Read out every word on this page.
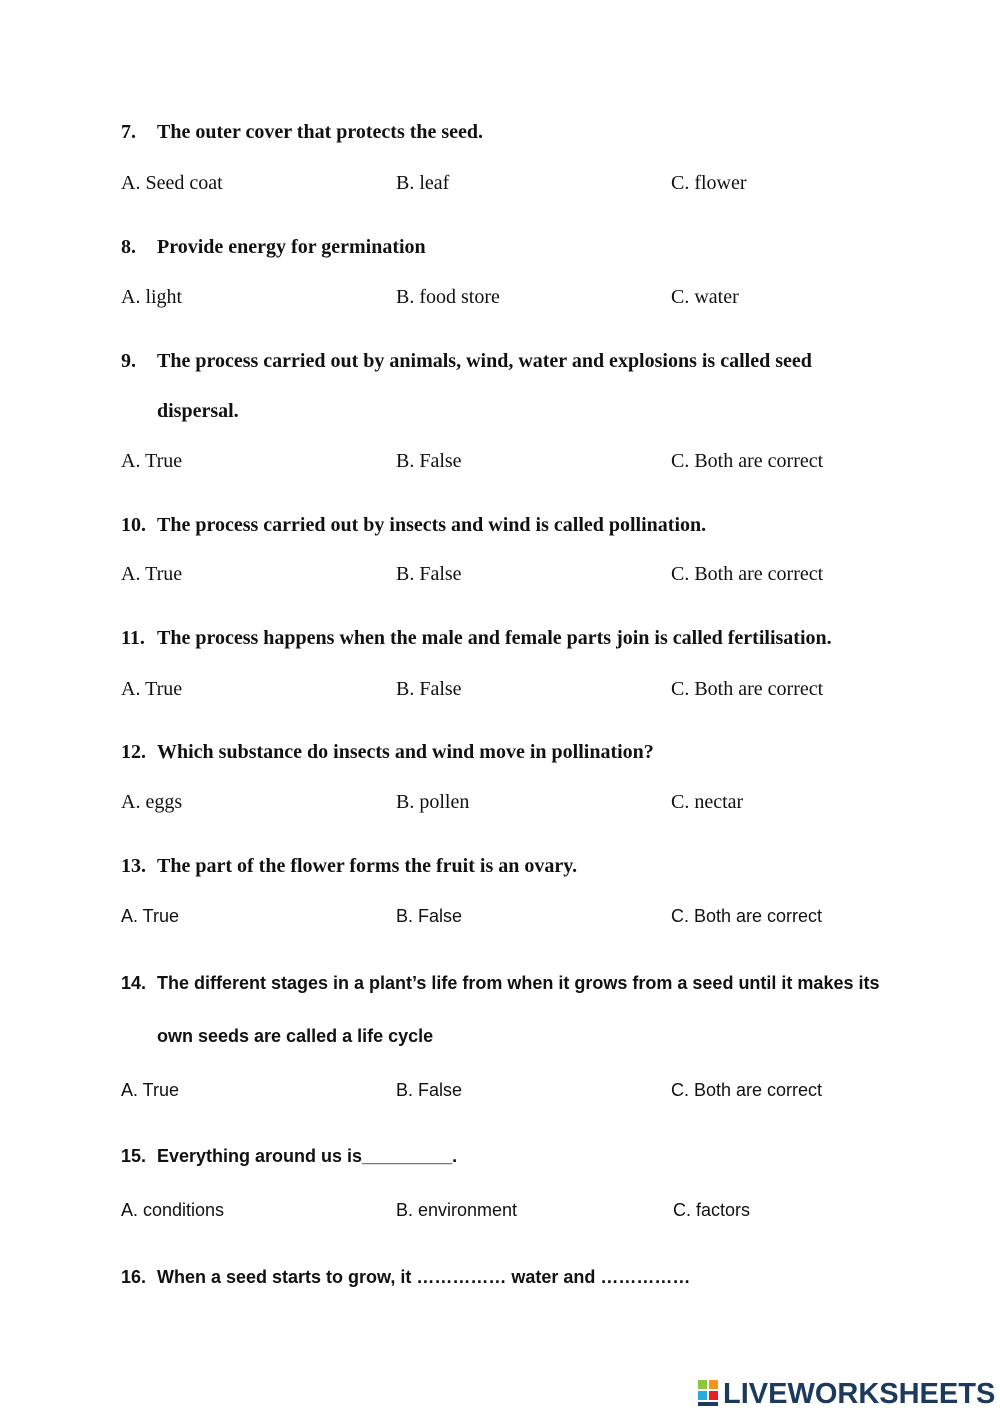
7. The outer cover that protects the seed.
A. Seed coat	B. leaf	C. flower
8. Provide energy for germination
A. light	B. food store	C. water
9. The process carried out by animals, wind, water and explosions is called seed
dispersal.
A. True	B. False	C. Both are correct
10. The process carried out by insects and wind is called pollination.
A. True	B. False	C. Both are correct
11. The process happens when the male and female parts join is called fertilisation.
A. True	B. False	C. Both are correct
12. Which substance do insects and wind move in pollination?
A. eggs	B. pollen	C. nectar
13. The part of the flower forms the fruit is an ovary.
A. True	B. False	C. Both are correct
14. The different stages in a plant’s life from when it grows from a seed until it makes its
own seeds are called a life cycle
A. True	B. False	C. Both are correct
15. Everything around us is_________.
A. conditions	B. environment	C. factors
16. When a seed starts to grow, it …………… water and ……………
LIVEWORKSHEETS
